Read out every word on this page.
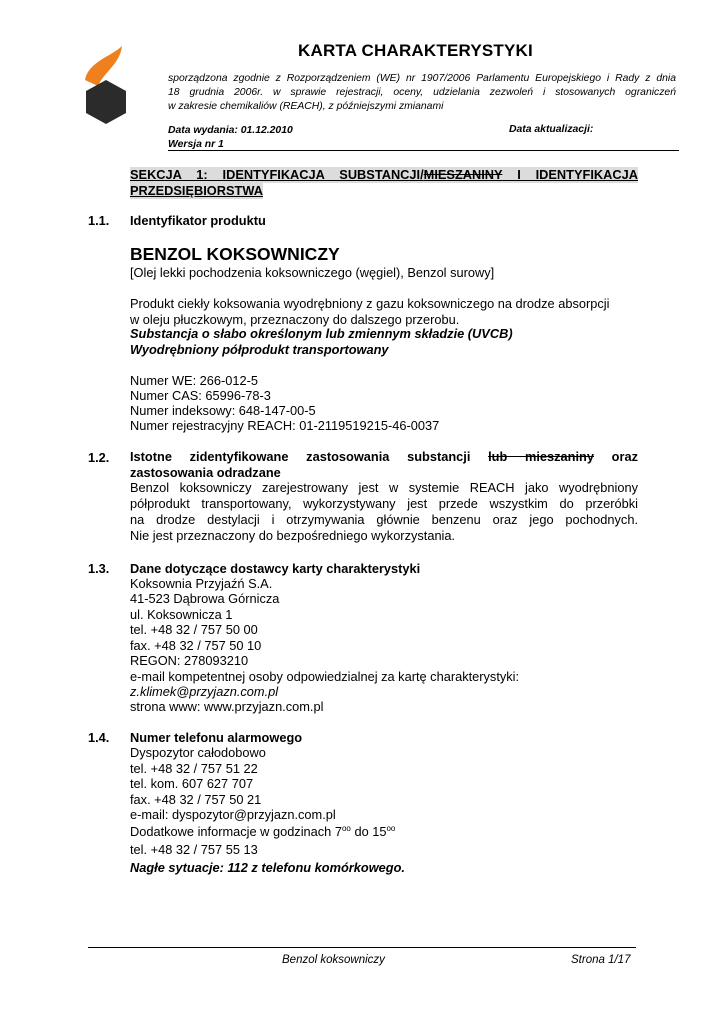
KARTA CHARAKTERYSTYKI
sporządzona zgodnie z Rozporządzeniem (WE) nr 1907/2006 Parlamentu Europejskiego i Rady z dnia
18 grudnia 2006r. w sprawie rejestracji, oceny, udzielania zezwoleń i stosowanych ograniczeń
w zakresie chemikaliów (REACH), z późniejszymi zmianami
Data wydania: 01.12.2010
Wersja nr 1
Data aktualizacji:
SEKCJA 1: IDENTYFIKACJA SUBSTANCJI/MIESZANINY I IDENTYFIKACJA
PRZEDSIĘBIORSTWA
1.1. Identyfikator produktu
BENZOL KOKSOWNICZY
[Olej lekki pochodzenia koksowniczego (węgiel), Benzol surowy]
Produkt ciekły koksowania wyodrębniony z gazu koksowniczego na drodze absorpcji
w oleju płuczkowym, przeznaczony do dalszego przerobu.
Substancja o słabo określonym lub zmiennym składzie (UVCB)
Wyodrębniony półprodukt transportowany
Numer WE: 266-012-5
Numer CAS: 65996-78-3
Numer indeksowy: 648-147-00-5
Numer rejestracyjny REACH: 01-2119519215-46-0037
1.2. Istotne zidentyfikowane zastosowania substancji lub mieszaniny oraz
zastosowania odradzane
Benzol koksowniczy zarejestrowany jest w systemie REACH jako wyodrębniony
półprodukt transportowany, wykorzystywany jest przede wszystkim do przeróbki
na drodze destylacji i otrzymywania głównie benzenu oraz jego pochodnych.
Nie jest przeznaczony do bezpośredniego wykorzystania.
1.3. Dane dotyczące dostawcy karty charakterystyki
Koksownia Przyjaźń S.A.
41-523 Dąbrowa Górnicza
ul. Koksownicza 1
tel. +48 32 / 757 50 00
fax. +48 32 / 757 50 10
REGON: 278093210
e-mail kompetentnej osoby odpowiedzialnej za kartę charakterystyki:
z.klimek@przyjazn.com.pl
strona www: www.przyjazn.com.pl
1.4. Numer telefonu alarmowego
Dyspozytor całodobowo
tel. +48 32 / 757 51 22
tel. kom. 607 627 707
fax. +48 32 / 757 50 21
e-mail: dyspozytor@przyjazn.com.pl
Dodatkowe informacje w godzinach $7^{oo}$ do $15^{oo}$
tel. +48 32 / 757 55 13
Nagłe sytuacje: 112 z telefonu komórkowego.
Benzol koksowniczy	Strona 1/17
